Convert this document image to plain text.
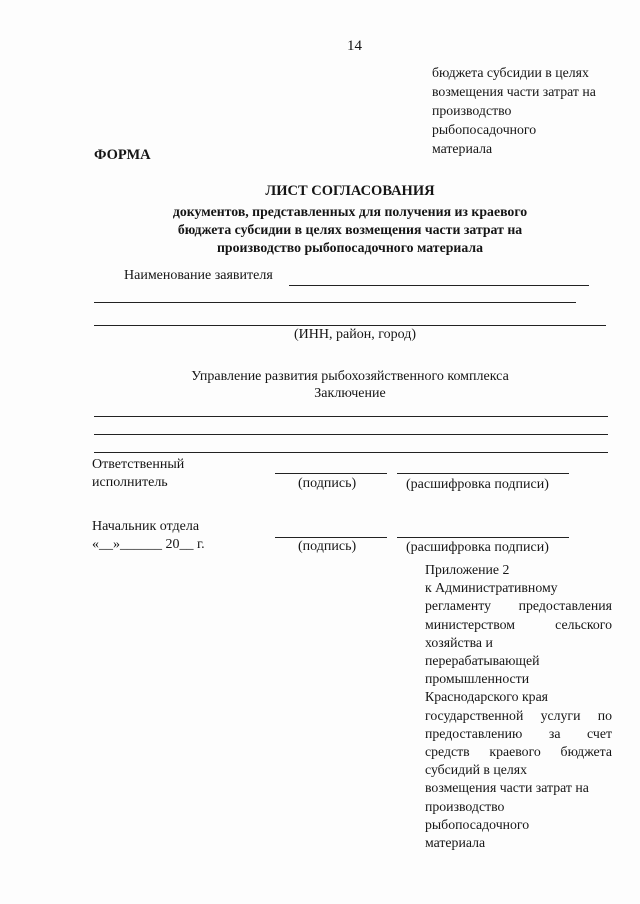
14
бюджета субсидии в целях
возмещения части затрат на
производство
рыбопосадочного
материала
ФОРМА
ЛИСТ СОГЛАСОВАНИЯ
документов, представленных для получения из краевого
бюджета субсидии в целях возмещения части затрат на
производство рыбопосадочного материала
Наименование заявителя
(ИНН, район, город)
Управление развития рыбохозяйственного комплекса
Заключение
Ответственный
исполнитель	(подпись)	(расшифровка подписи)
Начальник отдела
«__»______ 20__ г.	(подпись)	(расшифровка подписи)
Приложение 2
к Административному
регламенту предоставления
министерством сельского
хозяйства и
перерабатывающей
промышленности
Краснодарского края
государственной услуги по
предоставлению за счет
средств краевого бюджета
субсидий в целях
возмещения части затрат на
производство
рыбопосадочного
материала
